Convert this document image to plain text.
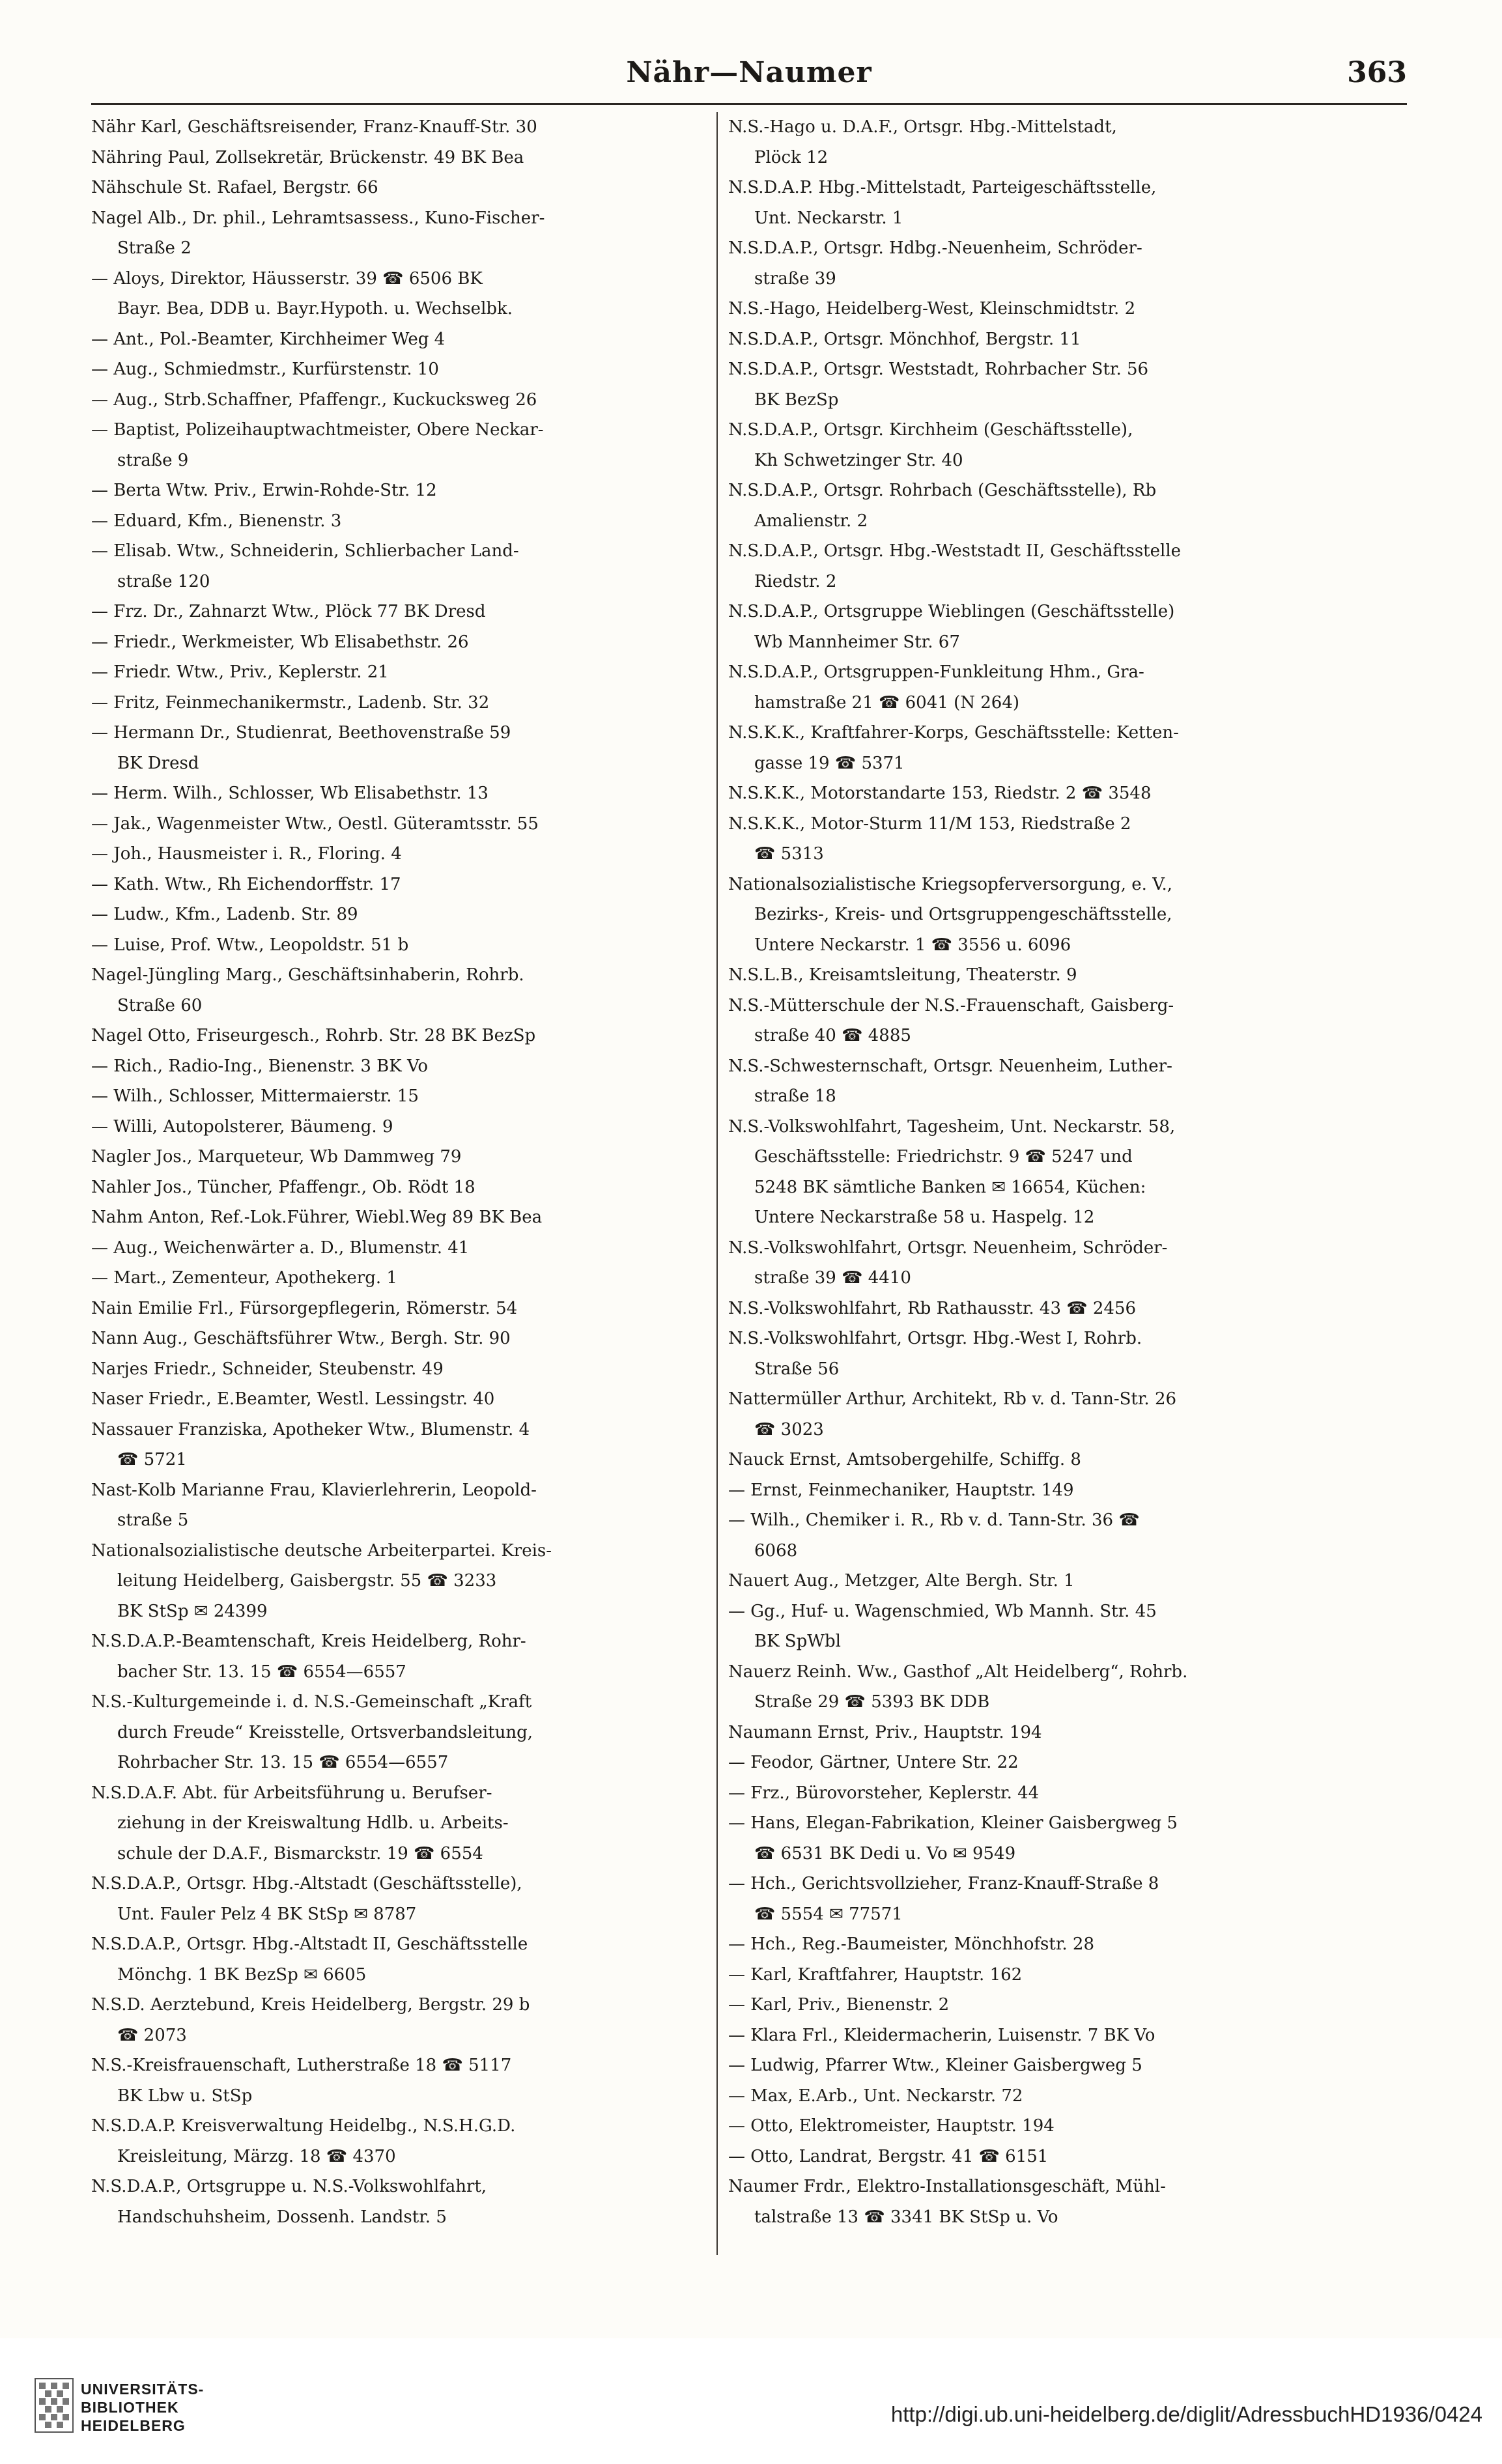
Nähr—Naumer	363
Nähr Karl, Geschäftsreisender, Franz-Knauff-Str. 30
Nähring Paul, Zollsekretär, Brückenstr. 49 BK Bea
Nähschule St. Rafael, Bergstr. 66
Nagel Alb., Dr. phil., Lehramtsassess., Kuno-Fischer-
Straße 2
— Aloys, Direktor, Häusserstr. 39 ☎ 6506 BK
Bayr. Bea, DDB u. Bayr.Hypoth. u. Wechselbk.
— Ant., Pol.-Beamter, Kirchheimer Weg 4
— Aug., Schmiedmstr., Kurfürstenstr. 10
— Aug., Strb.Schaffner, Pfaffengr., Kuckucksweg 26
— Baptist, Polizeihauptwachtmeister, Obere Neckar-
straße 9
— Berta Wtw. Priv., Erwin-Rohde-Str. 12
— Eduard, Kfm., Bienenstr. 3
— Elisab. Wtw., Schneiderin, Schlierbacher Land-
straße 120
— Frz. Dr., Zahnarzt Wtw., Plöck 77 BK Dresd
— Friedr., Werkmeister, Wb Elisabethstr. 26
— Friedr. Wtw., Priv., Keplerstr. 21
— Fritz, Feinmechanikermstr., Ladenb. Str. 32
— Hermann Dr., Studienrat, Beethovenstraße 59
BK Dresd
— Herm. Wilh., Schlosser, Wb Elisabethstr. 13
— Jak., Wagenmeister Wtw., Oestl. Güteramtsstr. 55
— Joh., Hausmeister i. R., Floring. 4
— Kath. Wtw., Rh Eichendorffstr. 17
— Ludw., Kfm., Ladenb. Str. 89
— Luise, Prof. Wtw., Leopoldstr. 51 b
Nagel-Jüngling Marg., Geschäftsinhaberin, Rohrb.
Straße 60
Nagel Otto, Friseurgesch., Rohrb. Str. 28 BK BezSp
— Rich., Radio-Ing., Bienenstr. 3 BK Vo
— Wilh., Schlosser, Mittermaierstr. 15
— Willi, Autopolsterer, Bäumeng. 9
Nagler Jos., Marqueteur, Wb Dammweg 79
Nahler Jos., Tüncher, Pfaffengr., Ob. Rödt 18
Nahm Anton, Ref.-Lok.Führer, Wiebl.Weg 89 BK Bea
— Aug., Weichenwärter a. D., Blumenstr. 41
— Mart., Zementeur, Apothekerg. 1
Nain Emilie Frl., Fürsorgepflegerin, Römerstr. 54
Nann Aug., Geschäftsführer Wtw., Bergh. Str. 90
Narjes Friedr., Schneider, Steubenstr. 49
Naser Friedr., E.Beamter, Westl. Lessingstr. 40
Nassauer Franziska, Apotheker Wtw., Blumenstr. 4
☎ 5721
Nast-Kolb Marianne Frau, Klavierlehrerin, Leopold-
straße 5
Nationalsozialistische deutsche Arbeiterpartei. Kreis-
leitung Heidelberg, Gaisbergstr. 55 ☎ 3233
BK StSp ✉ 24399
N.S.D.A.P.-Beamtenschaft, Kreis Heidelberg, Rohr-
bacher Str. 13. 15 ☎ 6554—6557
N.S.-Kulturgemeinde i. d. N.S.-Gemeinschaft „Kraft
durch Freude“ Kreisstelle, Ortsverbandsleitung,
Rohrbacher Str. 13. 15 ☎ 6554—6557
N.S.D.A.F. Abt. für Arbeitsführung u. Berufser-
ziehung in der Kreiswaltung Hdlb. u. Arbeits-
schule der D.A.F., Bismarckstr. 19 ☎ 6554
N.S.D.A.P., Ortsgr. Hbg.-Altstadt (Geschäftsstelle),
Unt. Fauler Pelz 4 BK StSp ✉ 8787
N.S.D.A.P., Ortsgr. Hbg.-Altstadt II, Geschäftsstelle
Mönchg. 1 BK BezSp ✉ 6605
N.S.D. Aerztebund, Kreis Heidelberg, Bergstr. 29 b
☎ 2073
N.S.-Kreisfrauenschaft, Lutherstraße 18 ☎ 5117
BK Lbw u. StSp
N.S.D.A.P. Kreisverwaltung Heidelbg., N.S.H.G.D.
Kreisleitung, Märzg. 18 ☎ 4370
N.S.D.A.P., Ortsgruppe u. N.S.-Volkswohlfahrt,
Handschuhsheim, Dossenh. Landstr. 5
N.S.-Hago u. D.A.F., Ortsgr. Hbg.-Mittelstadt,
Plöck 12
N.S.D.A.P. Hbg.-Mittelstadt, Parteigeschäftsstelle,
Unt. Neckarstr. 1
N.S.D.A.P., Ortsgr. Hdbg.-Neuenheim, Schröder-
straße 39
N.S.-Hago, Heidelberg-West, Kleinschmidtstr. 2
N.S.D.A.P., Ortsgr. Mönchhof, Bergstr. 11
N.S.D.A.P., Ortsgr. Weststadt, Rohrbacher Str. 56
BK BezSp
N.S.D.A.P., Ortsgr. Kirchheim (Geschäftsstelle),
Kh Schwetzinger Str. 40
N.S.D.A.P., Ortsgr. Rohrbach (Geschäftsstelle), Rb
Amalienstr. 2
N.S.D.A.P., Ortsgr. Hbg.-Weststadt II, Geschäftsstelle
Riedstr. 2
N.S.D.A.P., Ortsgruppe Wieblingen (Geschäftsstelle)
Wb Mannheimer Str. 67
N.S.D.A.P., Ortsgruppen-Funkleitung Hhm., Gra-
hamstraße 21 ☎ 6041 (N 264)
N.S.K.K., Kraftfahrer-Korps, Geschäftsstelle: Ketten-
gasse 19 ☎ 5371
N.S.K.K., Motorstandarte 153, Riedstr. 2 ☎ 3548
N.S.K.K., Motor-Sturm 11/M 153, Riedstraße 2
☎ 5313
Nationalsozialistische Kriegsopferversorgung, e. V.,
Bezirks-, Kreis- und Ortsgruppengeschäftsstelle,
Untere Neckarstr. 1 ☎ 3556 u. 6096
N.S.L.B., Kreisamtsleitung, Theaterstr. 9
N.S.-Mütterschule der N.S.-Frauenschaft, Gaisberg-
straße 40 ☎ 4885
N.S.-Schwesternschaft, Ortsgr. Neuenheim, Luther-
straße 18
N.S.-Volkswohlfahrt, Tagesheim, Unt. Neckarstr. 58,
Geschäftsstelle: Friedrichstr. 9 ☎ 5247 und
5248 BK sämtliche Banken ✉ 16654, Küchen:
Untere Neckarstraße 58 u. Haspelg. 12
N.S.-Volkswohlfahrt, Ortsgr. Neuenheim, Schröder-
straße 39 ☎ 4410
N.S.-Volkswohlfahrt, Rb Rathausstr. 43 ☎ 2456
N.S.-Volkswohlfahrt, Ortsgr. Hbg.-West I, Rohrb.
Straße 56
Nattermüller Arthur, Architekt, Rb v. d. Tann-Str. 26
☎ 3023
Nauck Ernst, Amtsobergehilfe, Schiffg. 8
— Ernst, Feinmechaniker, Hauptstr. 149
— Wilh., Chemiker i. R., Rb v. d. Tann-Str. 36 ☎
6068
Nauert Aug., Metzger, Alte Bergh. Str. 1
— Gg., Huf- u. Wagenschmied, Wb Mannh. Str. 45
BK SpWbl
Nauerz Reinh. Ww., Gasthof „Alt Heidelberg“, Rohrb.
Straße 29 ☎ 5393 BK DDB
Naumann Ernst, Priv., Hauptstr. 194
— Feodor, Gärtner, Untere Str. 22
— Frz., Bürovorsteher, Keplerstr. 44
— Hans, Elegan-Fabrikation, Kleiner Gaisbergweg 5
☎ 6531 BK Dedi u. Vo ✉ 9549
— Hch., Gerichtsvollzieher, Franz-Knauff-Straße 8
☎ 5554 ✉ 77571
— Hch., Reg.-Baumeister, Mönchhofstr. 28
— Karl, Kraftfahrer, Hauptstr. 162
— Karl, Priv., Bienenstr. 2
— Klara Frl., Kleidermacherin, Luisenstr. 7 BK Vo
— Ludwig, Pfarrer Wtw., Kleiner Gaisbergweg 5
— Max, E.Arb., Unt. Neckarstr. 72
— Otto, Elektromeister, Hauptstr. 194
— Otto, Landrat, Bergstr. 41 ☎ 6151
Naumer Frdr., Elektro-Installationsgeschäft, Mühl-
talstraße 13 ☎ 3341 BK StSp u. Vo
UNIVERSITÄTS-
BIBLIOTHEK
HEIDELBERG	http://digi.ub.uni-heidelberg.de/diglit/AdressbuchHD1936/0424
